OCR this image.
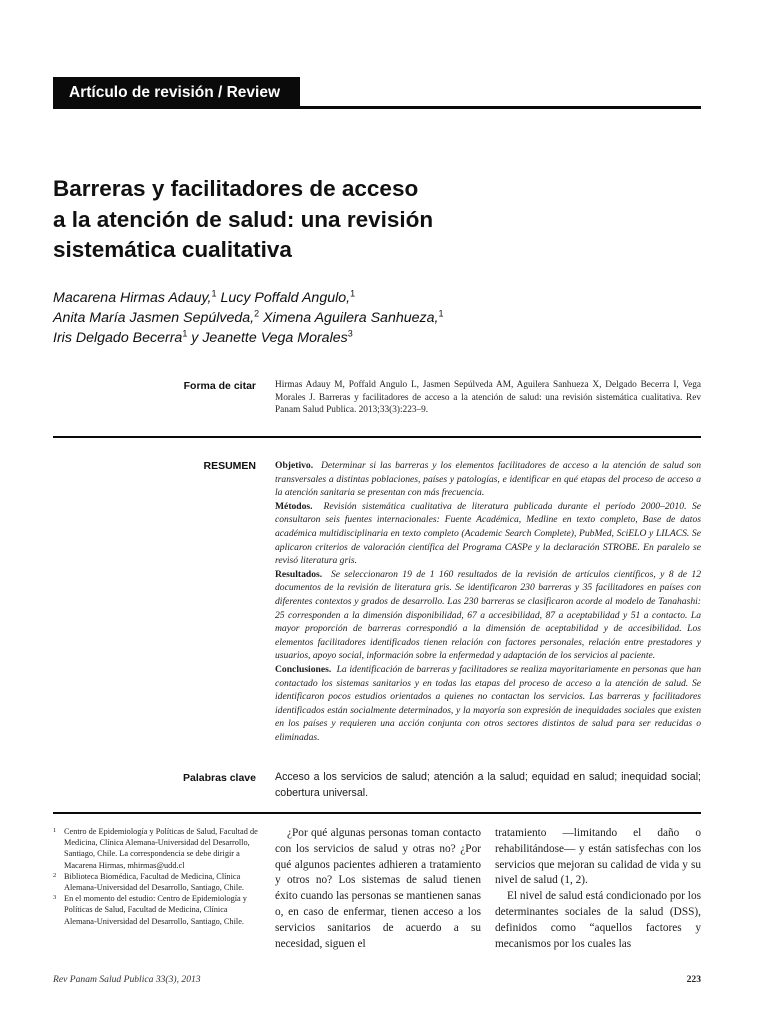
Artículo de revisión / Review
Barreras y facilitadores de acceso
a la atención de salud: una revisión
sistemática cualitativa
Macarena Hirmas Adauy,$^1$ Lucy Poffald Angulo,$^1$
Anita María Jasmen Sepúlveda,$^2$ Ximena Aguilera Sanhueza,$^1$
Iris Delgado Becerra$^1$ y Jeanette Vega Morales$^3$
Forma de citar Hirmas Adauy M, Poffald Angulo L, Jasmen Sepúlveda AM, Aguilera Sanhueza X, Delgado Becerra I, Vega Morales J. Barreras y facilitadores de acceso a la atención de salud: una revisión sistemática cualitativa. Rev Panam Salud Publica. 2013;33(3):223–9.
RESUMEN Objetivo. Determinar si las barreras y los elementos facilitadores de acceso a la atención de salud son transversales a distintas poblaciones, países y patologías, e identificar en qué etapas del proceso de acceso a la atención sanitaria se presentan con más frecuencia.
Métodos. Revisión sistemática cualitativa de literatura publicada durante el período 2000–2010. Se consultaron seis fuentes internacionales: Fuente Académica, Medline en texto completo, Base de datos académica multidisciplinaria en texto completo (Academic Search Complete), PubMed, SciELO y LILACS. Se aplicaron criterios de valoración científica del Programa CASPe y la declaración STROBE. En paralelo se revisó literatura gris.
Resultados. Se seleccionaron 19 de 1 160 resultados de la revisión de artículos científicos, y 8 de 12 documentos de la revisión de literatura gris. Se identificaron 230 barreras y 35 facilitadores en países con diferentes contextos y grados de desarrollo. Las 230 barreras se clasificaron acorde al modelo de Tanahashi: 25 corresponden a la dimensión disponibilidad, 67 a accesibilidad, 87 a aceptabilidad y 51 a contacto. La mayor proporción de barreras correspondió a la dimensión de aceptabilidad y de accesibilidad. Los elementos facilitadores identificados tienen relación con factores personales, relación entre prestadores y usuarios, apoyo social, información sobre la enfermedad y adaptación de los servicios al paciente.
Conclusiones. La identificación de barreras y facilitadores se realiza mayoritariamente en personas que han contactado los sistemas sanitarios y en todas las etapas del proceso de acceso a la atención de salud. Se identificaron pocos estudios orientados a quienes no contactan los servicios. Las barreras y facilitadores identificados están socialmente determinados, y la mayoría son expresión de inequidades sociales que existen en los países y requieren una acción conjunta con otros sectores distintos de salud para ser reducidas o eliminadas.
Palabras clave Acceso a los servicios de salud; atención a la salud; equidad en salud; inequidad social; cobertura universal.
1 Centro de Epidemiología y Políticas de Salud, Facultad de Medicina, Clínica Alemana-Universidad del Desarrollo, Santiago, Chile. La correspondencia se debe dirigir a Macarena Hirmas, mhirmas@udd.cl
2 Biblioteca Biomédica, Facultad de Medicina, Clínica Alemana-Universidad del Desarrollo, Santiago, Chile.
3 En el momento del estudio: Centro de Epidemiología y Políticas de Salud, Facultad de Medicina, Clínica Alemana-Universidad del Desarrollo, Santiago, Chile.
¿Por qué algunas personas toman contacto con los servicios de salud y otras no? ¿Por qué algunos pacientes adhieren a tratamiento y otros no? Los sistemas de salud tienen éxito cuando las personas se mantienen sanas o, en caso de enfermar, tienen acceso a los servicios sanitarios de acuerdo a su necesidad, siguen el
tratamiento —limitando el daño o rehabilitándose— y están satisfechas con los servicios que mejoran su calidad de vida y su nivel de salud (1, 2).
El nivel de salud está condicionado por los determinantes sociales de la salud (DSS), definidos como “aquellos factores y mecanismos por los cuales las
Rev Panam Salud Publica 33(3), 2013	223
